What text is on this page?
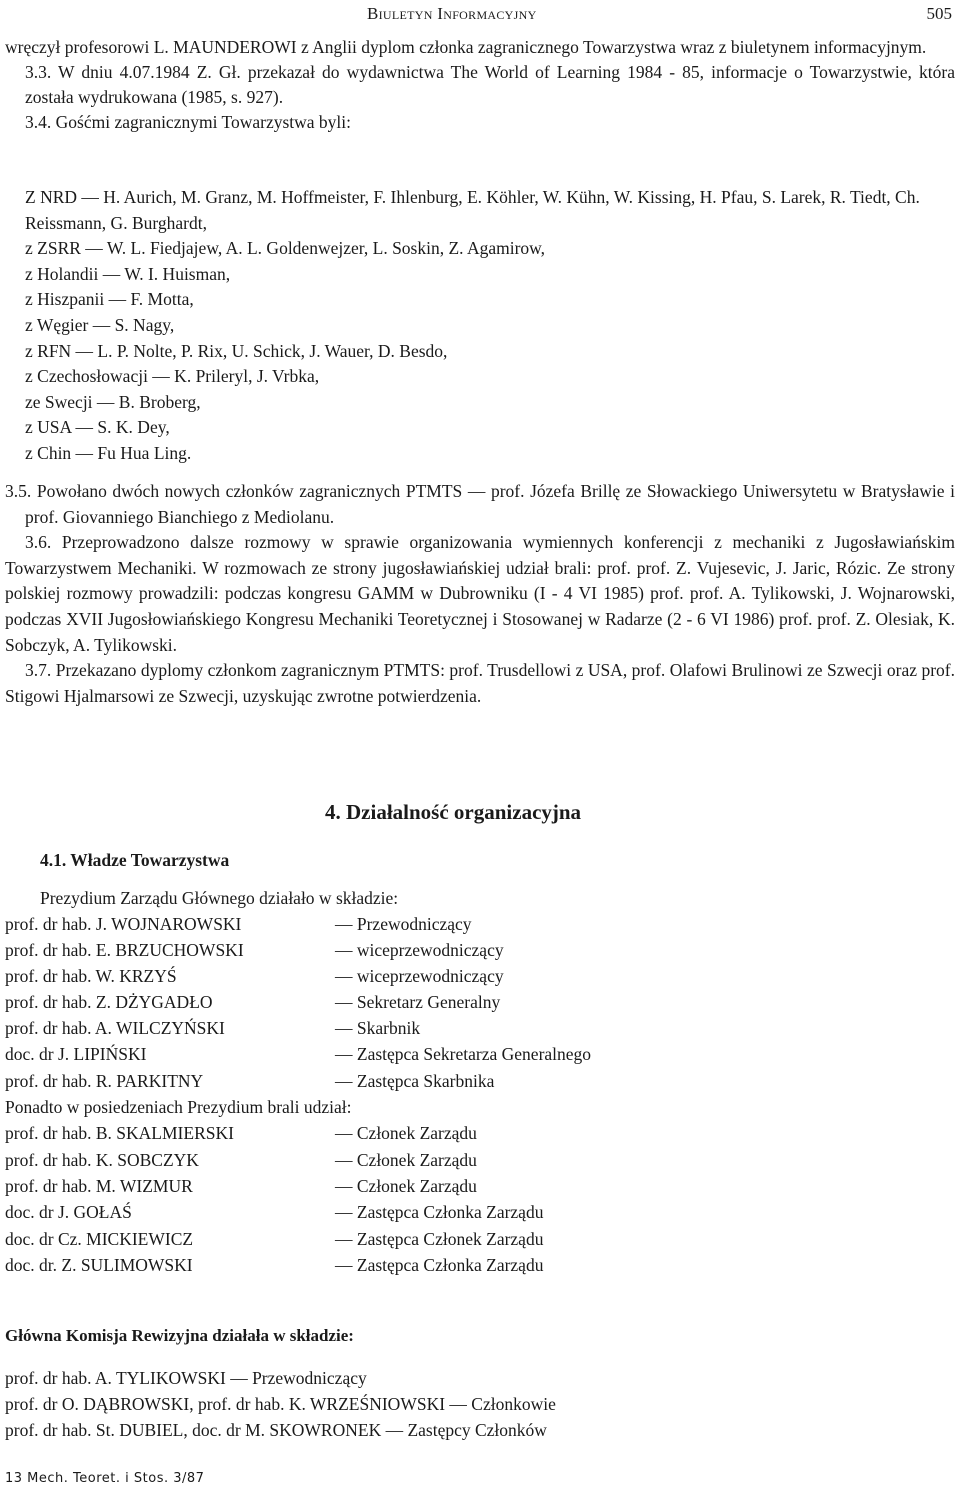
Biuletyn Informacyjny	505

wręczył profesorowi L. MAUNDEROWI z Anglii dyplom członka zagranicznego Towarzystwa wraz z biuletynem informacyjnym.

3.3. W dniu 4.07.1984 Z. Gł. przekazał do wydawnictwa The World of Learning 1984 - 85, informacje o Towarzystwie, która została wydrukowana (1985, s. 927).

3.4. Gośćmi zagranicznymi Towarzystwa byli:

Z NRD — H. Aurich, M. Granz, M. Hoffmeister, F. Ihlenburg, E. Köhler, W. Kühn, W. Kissing, H. Pfau, S. Larek, R. Tiedt, Ch. Reissmann, G. Burghardt,

z ZSRR — W. L. Fiedjajew, A. L. Goldenwejzer, L. Soskin, Z. Agamirow,

z Holandii — W. I. Huisman,

z Hiszpanii — F. Motta,

z Węgier — S. Nagy,

z RFN — L. P. Nolte, P. Rix, U. Schick, J. Wauer, D. Besdo,

z Czechosłowacji — K. Prileryl, J. Vrbka,

ze Swecji — B. Broberg,

z USA — S. K. Dey,

z Chin — Fu Hua Ling.

3.5. Powołano dwóch nowych członków zagranicznych PTMTS — prof. Józefa Brillę ze Słowackiego Uniwersytetu w Bratysławie i prof. Giovanniego Bianchiego z Mediolanu.

3.6. Przeprowadzono dalsze rozmowy w sprawie organizowania wymiennych konferencji z mechaniki z Jugosławiańskim Towarzystwem Mechaniki. W rozmowach ze strony jugosławiańskiej udział brali: prof. prof. Z. Vujesevic, J. Jaric, Rózic. Ze strony polskiej rozmowy prowadzili: podczas kongresu GAMM w Dubrowniku (I - 4 VI 1985) prof. prof. A. Tylikowski, J. Wojnarowski, podczas XVII Jugosłowiańskiego Kongresu Mechaniki Teoretycznej i Stosowanej w Radarze (2 - 6 VI 1986) prof. prof. Z. Olesiak, K. Sobczyk, A. Tylikowski.

3.7. Przekazano dyplomy członkom zagranicznym PTMTS: prof. Trusdellowi z USA, prof. Olafowi Brulinowi ze Szwecji oraz prof. Stigowi Hjalmarsowi ze Szwecji, uzyskując zwrotne potwierdzenia.

4. Działalność organizacyjna
4.1. Władze Towarzystwa
Prezydium Zarządu Głównego działało w składzie:
prof. dr hab. J. WOJNAROWSKI	— Przewodniczący
prof. dr hab. E. BRZUCHOWSKI	— wiceprzewodniczący
prof. dr hab. W. KRZYŚ	— wiceprzewodniczący
prof. dr hab. Z. DŻYGADŁO	— Sekretarz Generalny
prof. dr hab. A. WILCZYŃSKI	— Skarbnik
doc. dr J. LIPIŃSKI	— Zastępca Sekretarza Generalnego
prof. dr hab. R. PARKITNY	— Zastępca Skarbnika
Ponadto w posiedzeniach Prezydium brali udział:
prof. dr hab. B. SKALMIERSKI	— Członek Zarządu
prof. dr hab. K. SOBCZYK	— Członek Zarządu
prof. dr hab. M. WIZMUR	— Członek Zarządu
doc. dr J. GOŁAŚ	— Zastępca Członka Zarządu
doc. dr Cz. MICKIEWICZ	— Zastępca Członek Zarządu
doc. dr. Z. SULIMOWSKI	— Zastępca Członka Zarządu
Główna Komisja Rewizyjna działała w składzie:
prof. dr hab. A. TYLIKOWSKI — Przewodniczący
prof. dr O. DĄBROWSKI, prof. dr hab. K. WRZEŚNIOWSKI — Członkowie
prof. dr hab. St. DUBIEL, doc. dr M. SKOWRONEK — Zastępcy Członków
13 Mech. Teoret. i Stos. 3/87
